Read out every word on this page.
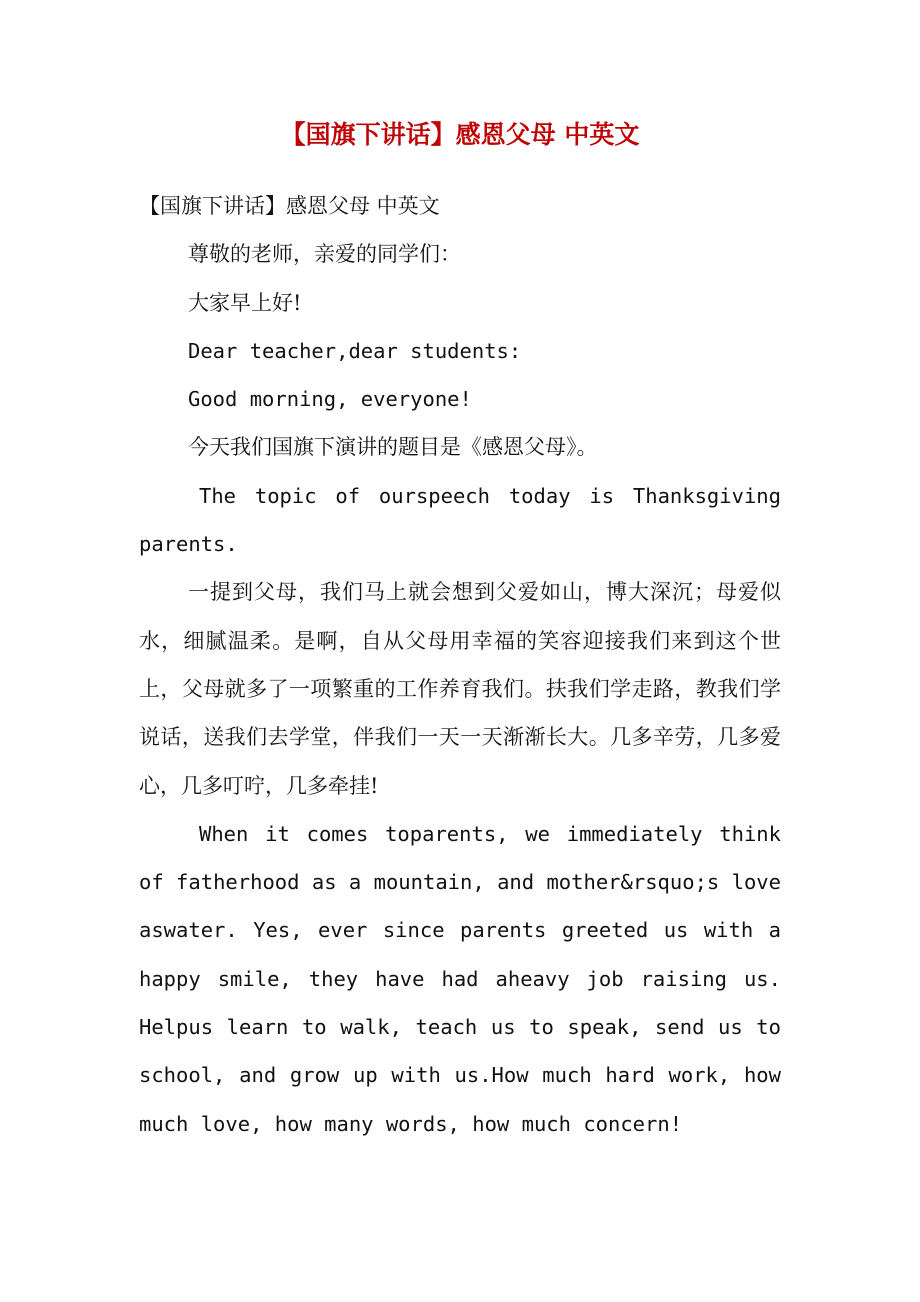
【国旗下讲话】感恩父母 中英文

【国旗下讲话】感恩父母 中英文

尊敬的老师，亲爱的同学们：

大家早上好!

Dear teacher,dear students:

Good morning, everyone!

今天我们国旗下演讲的题目是《感恩父母》。

The topic of ourspeech today is Thanksgiving parents.

一提到父母，我们马上就会想到父爱如山，博大深沉；母爱似水，细腻温柔。是啊，自从父母用幸福的笑容迎接我们来到这个世上，父母就多了一项繁重的工作养育我们。扶我们学走路，教我们学说话，送我们去学堂，伴我们一天一天渐渐长大。几多辛劳，几多爱心，几多叮咛，几多牵挂!

When it comes toparents, we immediately think of fatherhood as a mountain, and mother&rsquo;s love aswater. Yes, ever since parents greeted us with a happy smile, they have had aheavy job raising us. Helpus learn to walk, teach us to speak, send us to school, and grow up with us.How much hard work, how much love, how many words, how much concern!
